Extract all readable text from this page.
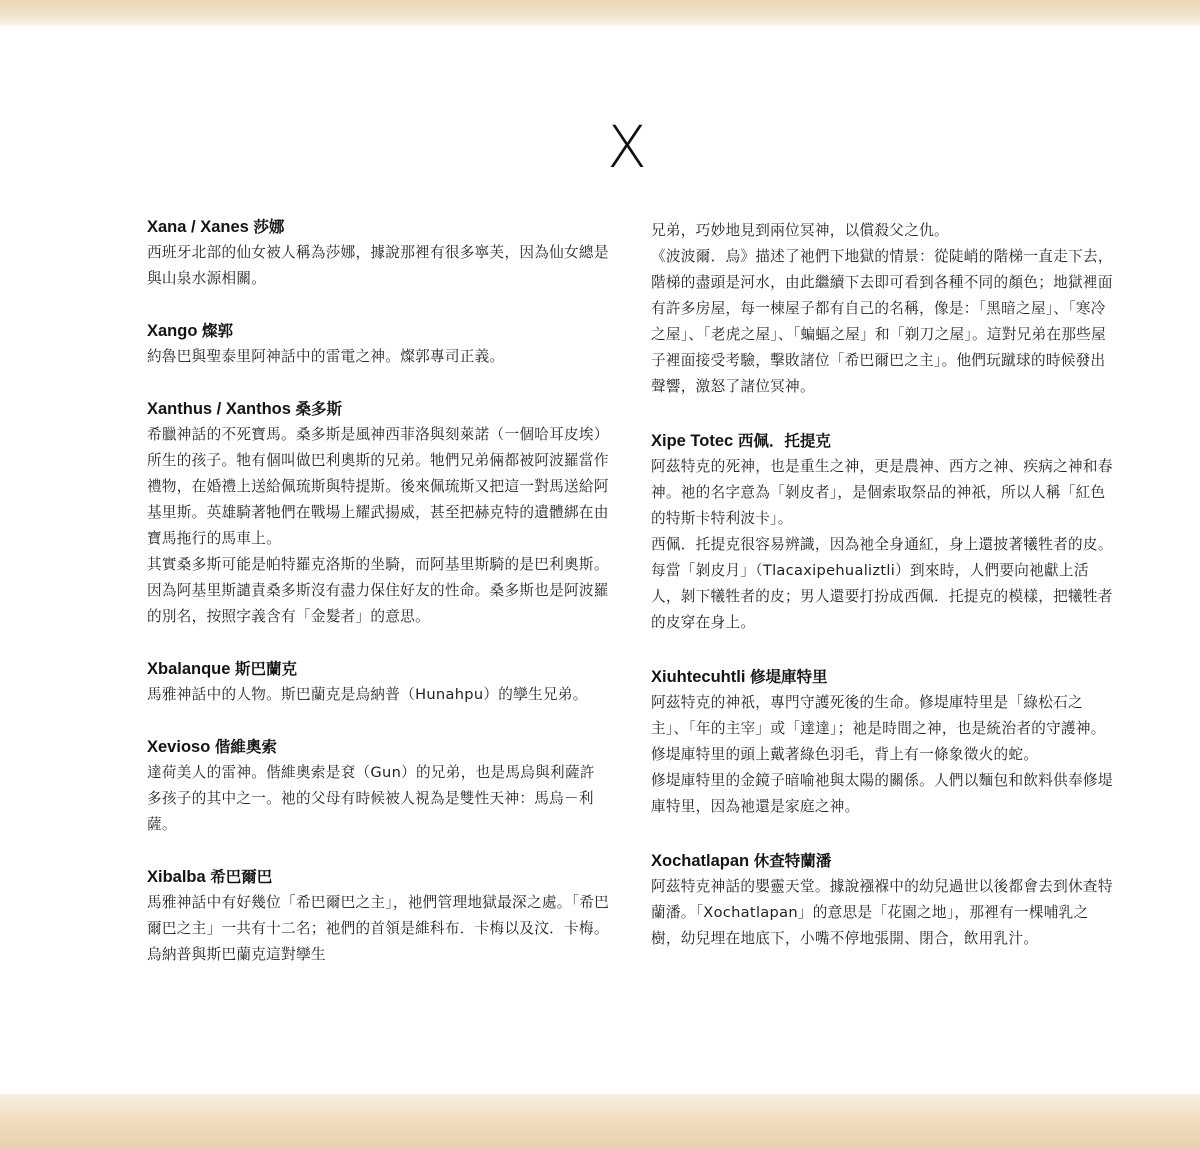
X
Xana / Xanes 莎娜

西班牙北部的仙女被人稱為莎娜，據說那裡有很多寧芙，因為仙女總是與山泉水源相關。

Xango 燦郭

約魯巴與聖泰里阿神話中的雷電之神。燦郭專司正義。

Xanthus / Xanthos 桑多斯

希臘神話的不死寶馬。桑多斯是風神西菲洛與刻萊諾（一個哈耳皮埃）所生的孩子。牠有個叫做巴利奧斯的兄弟。牠們兄弟倆都被阿波羅當作禮物，在婚禮上送給佩琉斯與特提斯。後來佩琉斯又把這一對馬送給阿基里斯。英雄騎著牠們在戰場上耀武揚威，甚至把赫克特的遺體綁在由寶馬拖行的馬車上。

其實桑多斯可能是帕特羅克洛斯的坐騎，而阿基里斯騎的是巴利奧斯。因為阿基里斯譴責桑多斯沒有盡力保住好友的性命。桑多斯也是阿波羅的別名，按照字義含有「金髮者」的意思。

Xbalanque 斯巴蘭克

馬雅神話中的人物。斯巴蘭克是烏納普（Hunahpu）的孿生兄弟。

Xevioso 偕維奧索

達荷美人的雷神。偕維奧索是袞（Gun）的兄弟，也是馬烏與利薩許多孩子的其中之一。祂的父母有時候被人視為是雙性天神：馬烏－利薩。

Xibalba 希巴爾巴

馬雅神話中有好幾位「希巴爾巴之主」，祂們管理地獄最深之處。「希巴爾巴之主」一共有十二名；祂們的首領是維科布．卡梅以及汶．卡梅。烏納普與斯巴蘭克這對孿生

兄弟，巧妙地見到兩位冥神，以償殺父之仇。

《波波爾．烏》描述了祂們下地獄的情景：從陡峭的階梯一直走下去，階梯的盡頭是河水，由此繼續下去即可看到各種不同的顏色；地獄裡面有許多房屋，每一棟屋子都有自己的名稱，像是：「黑暗之屋」、「寒冷之屋」、「老虎之屋」、「蝙蝠之屋」和「剃刀之屋」。這對兄弟在那些屋子裡面接受考驗，擊敗諸位「希巴爾巴之主」。他們玩蹴球的時候發出聲響，激怒了諸位冥神。

Xipe Totec 西佩．托提克

阿茲特克的死神，也是重生之神，更是農神、西方之神、疾病之神和春神。祂的名字意為「剝皮者」，是個索取祭品的神祇，所以人稱「紅色的特斯卡特利波卡」。

西佩．托提克很容易辨識，因為祂全身通紅，身上還披著犧牲者的皮。每當「剝皮月」（Tlacaxipehualiztli）到來時，人們要向祂獻上活人，剝下犧牲者的皮；男人還要打扮成西佩．托提克的模樣，把犧牲者的皮穿在身上。

Xiuhtecuhtli 修堤庫特里

阿茲特克的神祇，專門守護死後的生命。修堤庫特里是「綠松石之主」、「年的主宰」或「達達」；祂是時間之神，也是統治者的守護神。修堤庫特里的頭上戴著綠色羽毛，背上有一條象徵火的蛇。

修堤庫特里的金鏡子暗喻祂與太陽的關係。人們以麵包和飲料供奉修堤庫特里，因為祂還是家庭之神。

Xochatlapan 休查特蘭潘

阿茲特克神話的嬰靈天堂。據說襁褓中的幼兒過世以後都會去到休查特蘭潘。「Xochatlapan」的意思是「花園之地」，那裡有一棵哺乳之樹，幼兒埋在地底下，小嘴不停地張開、閉合，飲用乳汁。
